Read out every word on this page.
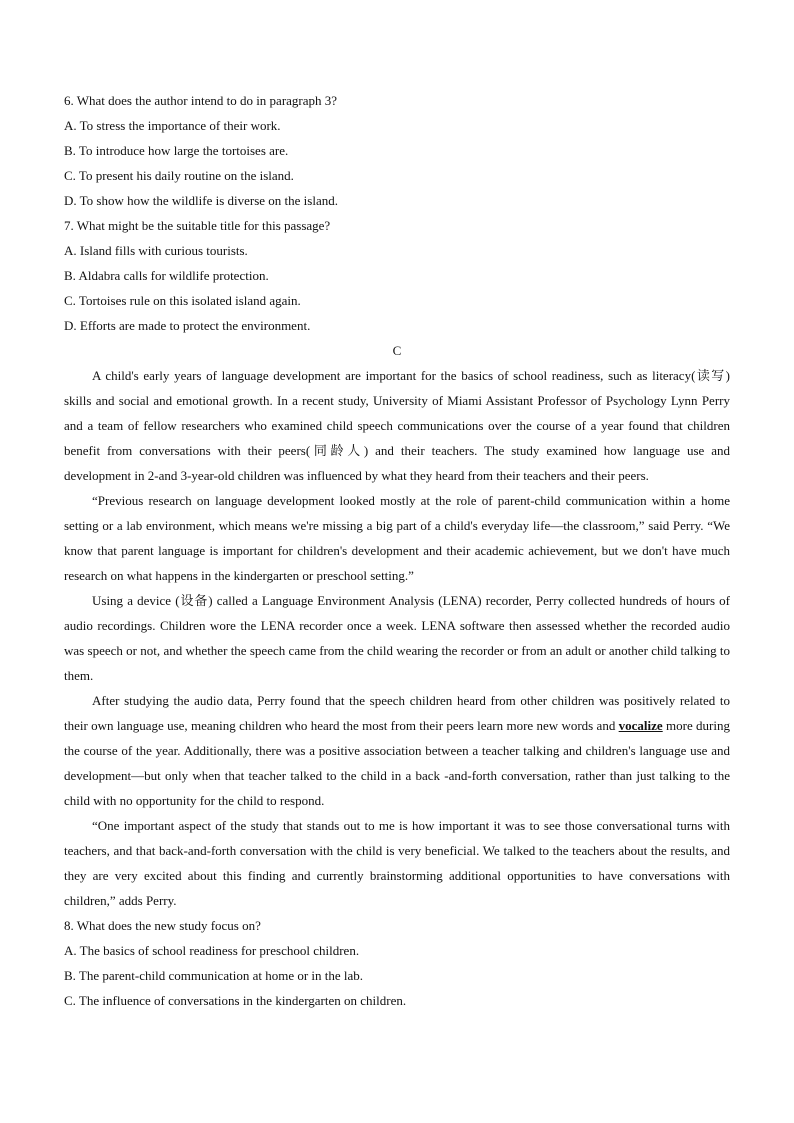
6. What does the author intend to do in paragraph 3?
A. To stress the importance of their work.
B. To introduce how large the tortoises are.
C. To present his daily routine on the island.
D. To show how the wildlife is diverse on the island.
7. What might be the suitable title for this passage?
A. Island fills with curious tourists.
B. Aldabra calls for wildlife protection.
C. Tortoises rule on this isolated island again.
D. Efforts are made to protect the environment.
C

A child's early years of language development are important for the basics of school readiness, such as literacy(读写) skills and social and emotional growth. In a recent study, University of Miami Assistant Professor of Psychology Lynn Perry and a team of fellow researchers who examined child speech communications over the course of a year found that children benefit from conversations with their peers(同龄人) and their teachers. The study examined how language use and development in 2-and 3-year-old children was influenced by what they heard from their teachers and their peers.

“Previous research on language development looked mostly at the role of parent-child communication within a home setting or a lab environment, which means we're missing a big part of a child's everyday life—the classroom,” said Perry. “We know that parent language is important for children's development and their academic achievement, but we don't have much research on what happens in the kindergarten or preschool setting.”

Using a device (设备) called a Language Environment Analysis (LENA) recorder, Perry collected hundreds of hours of audio recordings. Children wore the LENA recorder once a week. LENA software then assessed whether the recorded audio was speech or not, and whether the speech came from the child wearing the recorder or from an adult or another child talking to them.

After studying the audio data, Perry found that the speech children heard from other children was positively related to their own language use, meaning children who heard the most from their peers learn more new words and vocalize more during the course of the year. Additionally, there was a positive association between a teacher talking and children's language use and development—but only when that teacher talked to the child in a back -and-forth conversation, rather than just talking to the child with no opportunity for the child to respond.

“One important aspect of the study that stands out to me is how important it was to see those conversational turns with teachers, and that back-and-forth conversation with the child is very beneficial. We talked to the teachers about the results, and they are very excited about this finding and currently brainstorming additional opportunities to have conversations with children,” adds Perry.

8. What does the new study focus on?
A. The basics of school readiness for preschool children.
B. The parent-child communication at home or in the lab.
C. The influence of conversations in the kindergarten on children.
